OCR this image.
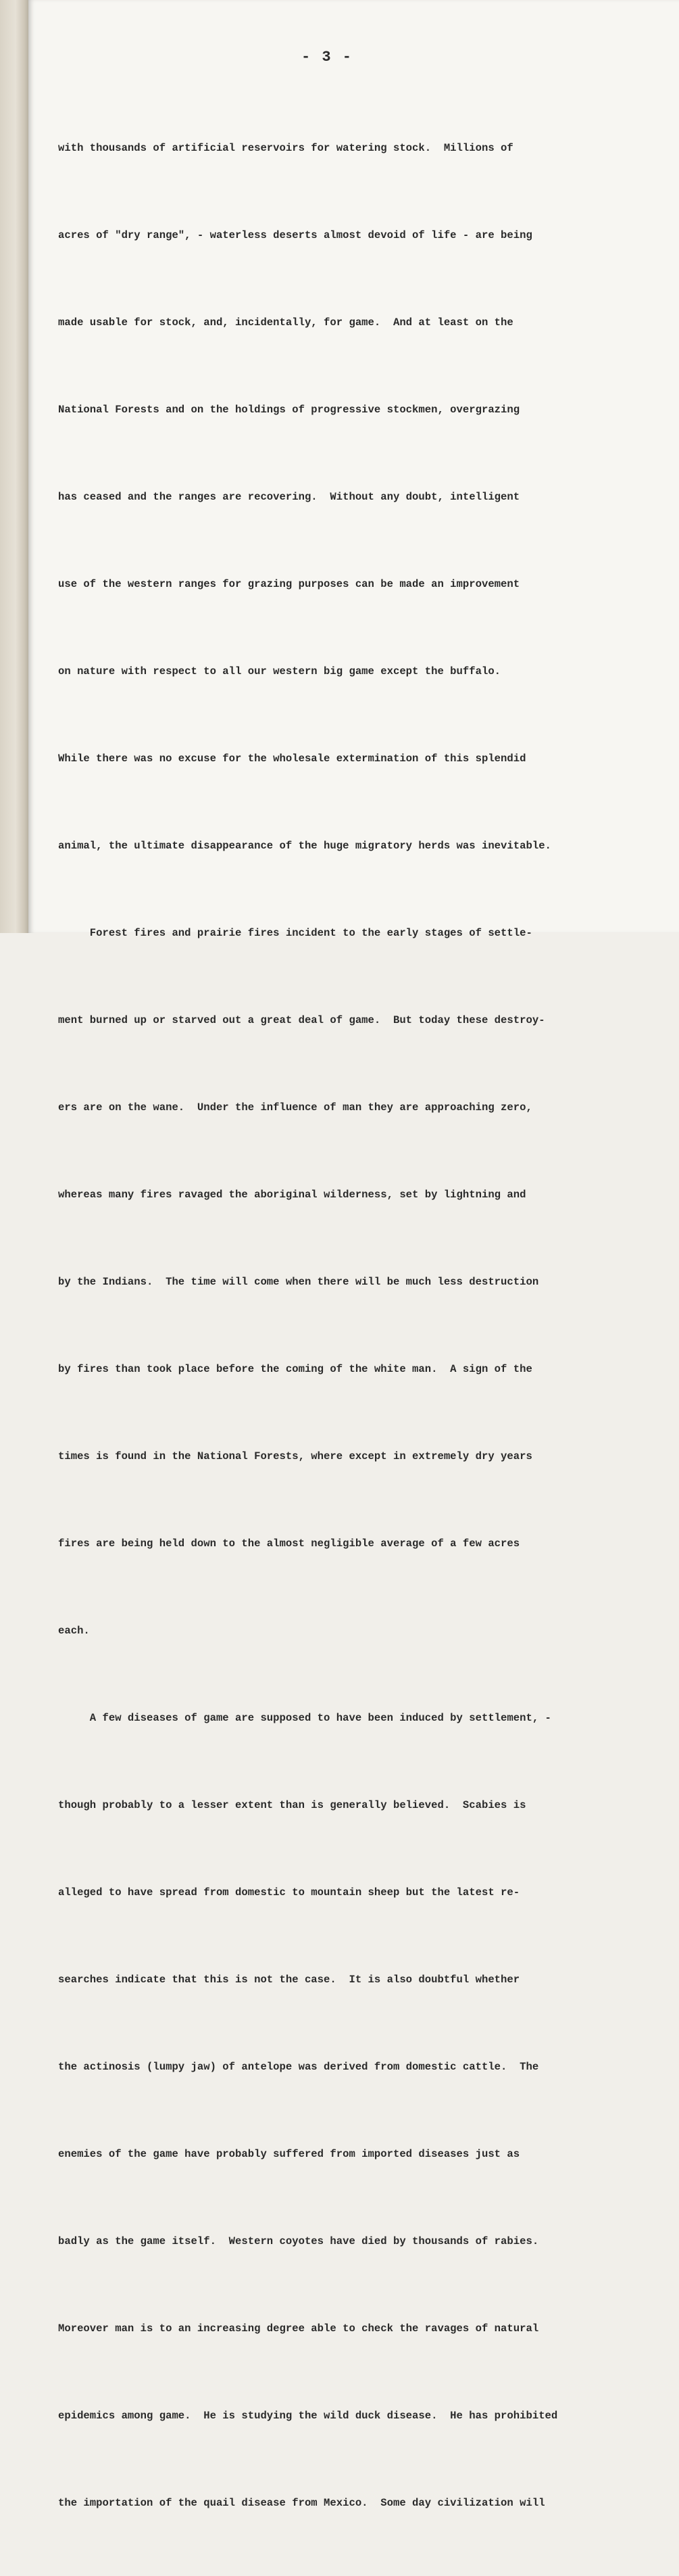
- 3 -

with thousands of artificial reservoirs for watering stock.  Millions of

acres of "dry range", - waterless deserts almost devoid of life - are being

made usable for stock, and, incidentally, for game.  And at least on the

National Forests and on the holdings of progressive stockmen, overgrazing

has ceased and the ranges are recovering.  Without any doubt, intelligent

use of the western ranges for grazing purposes can be made an improvement

on nature with respect to all our western big game except the buffalo.

While there was no excuse for the wholesale extermination of this splendid

animal, the ultimate disappearance of the huge migratory herds was inevitable.

Forest fires and prairie fires incident to the early stages of settle-

ment burned up or starved out a great deal of game.  But today these destroy-

ers are on the wane.  Under the influence of man they are approaching zero,

whereas many fires ravaged the aboriginal wilderness, set by lightning and

by the Indians.  The time will come when there will be much less destruction

by fires than took place before the coming of the white man.  A sign of the

times is found in the National Forests, where except in extremely dry years

fires are being held down to the almost negligible average of a few acres

each.

A few diseases of game are supposed to have been induced by settlement, -

though probably to a lesser extent than is generally believed.  Scabies is

alleged to have spread from domestic to mountain sheep but the latest re-

searches indicate that this is not the case.  It is also doubtful whether

the actinosis (lumpy jaw) of antelope was derived from domestic cattle.  The

enemies of the game have probably suffered from imported diseases just as

badly as the game itself.  Western coyotes have died by thousands of rabies.

Moreover man is to an increasing degree able to check the ravages of natural

epidemics among game.  He is studying the wild duck disease.  He has prohibited

the importation of the quail disease from Mexico.  Some day civilization will
